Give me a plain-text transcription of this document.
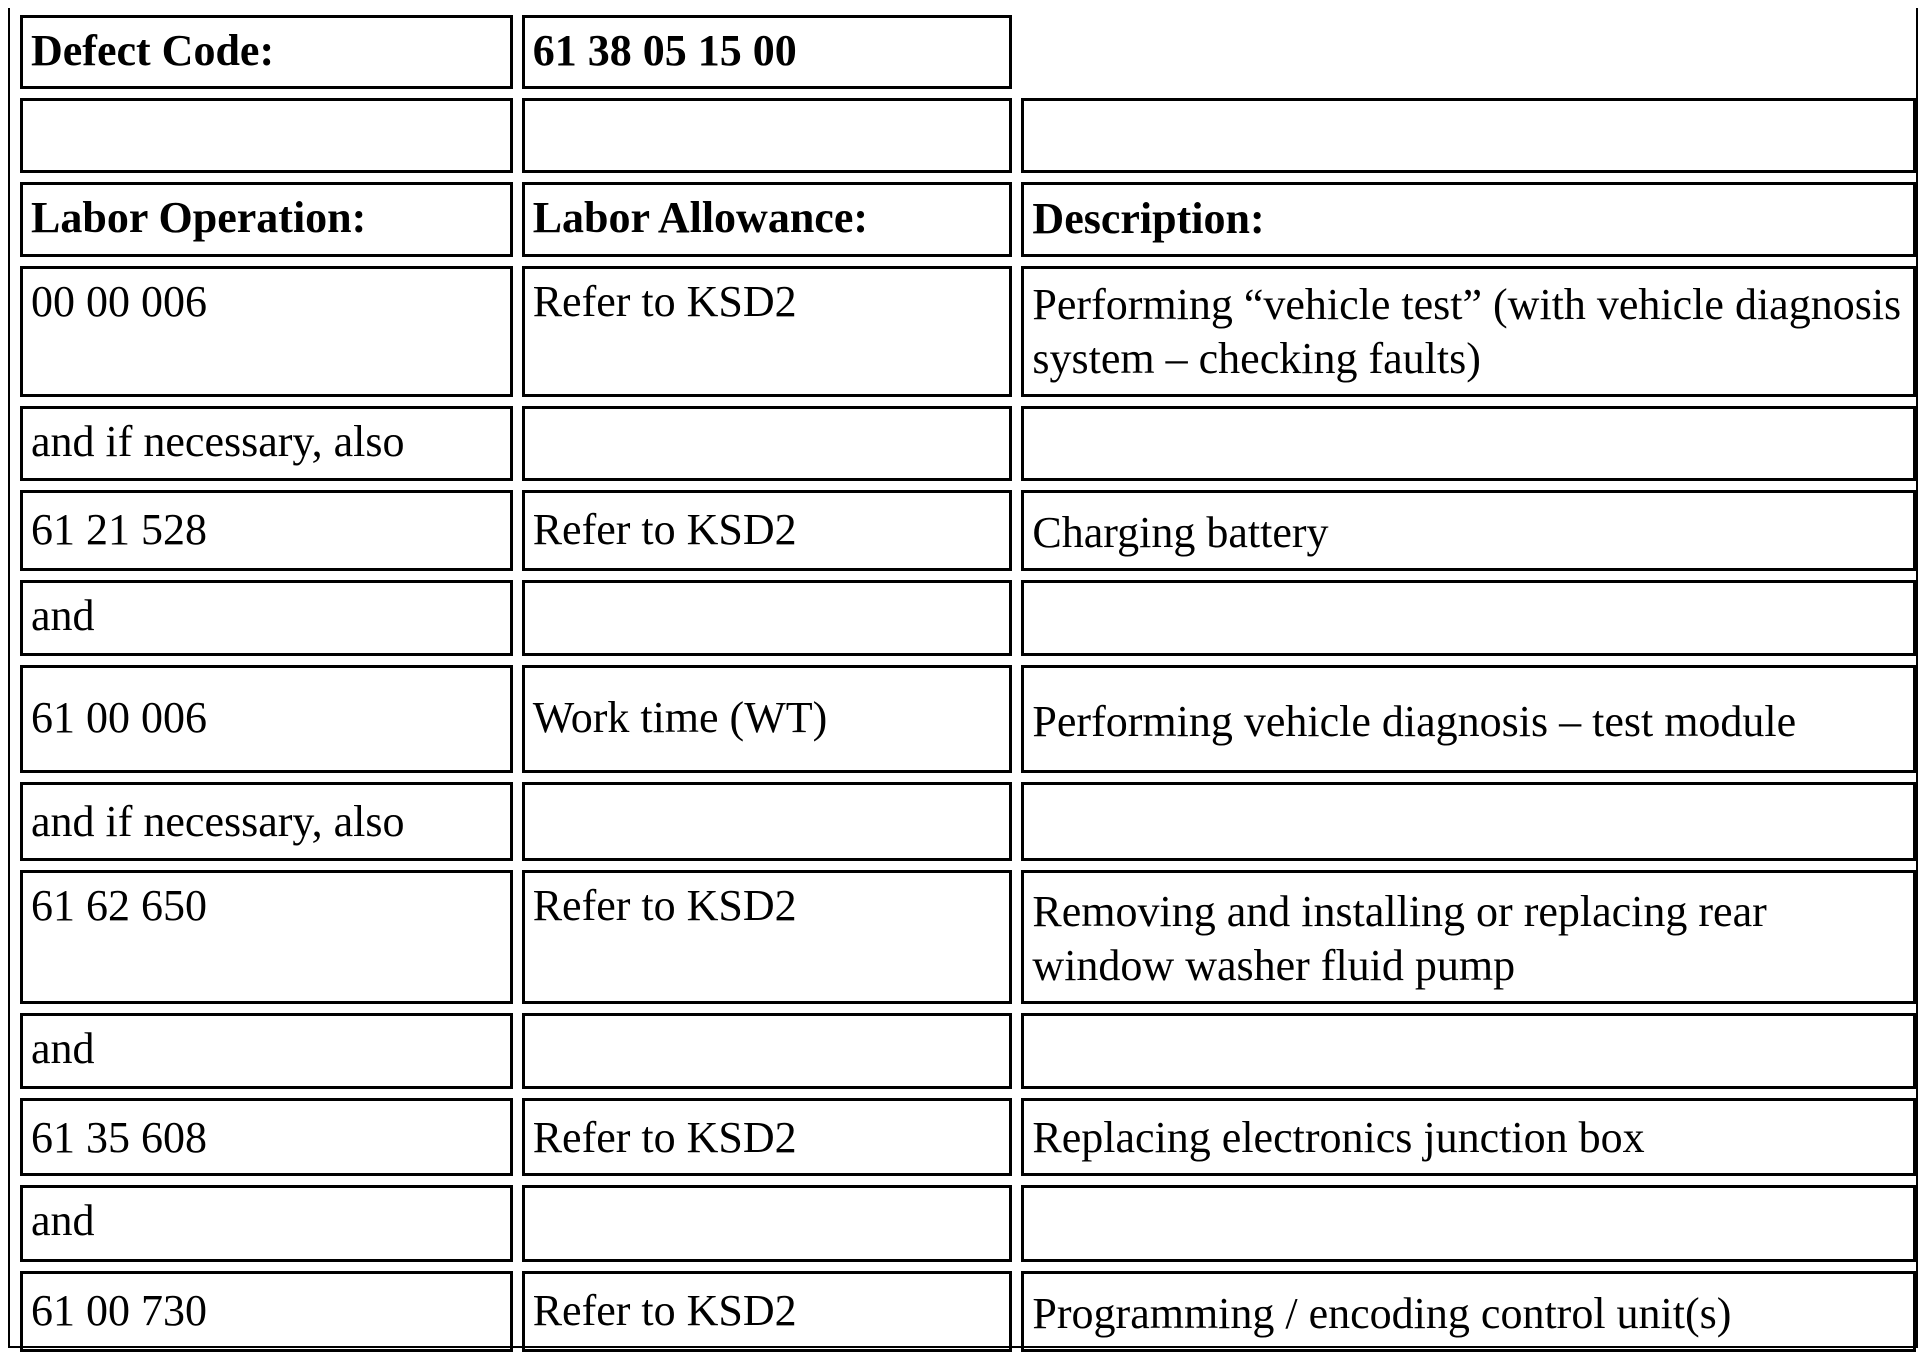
Defect Code:	61 38 05 15 00	

Labor Operation:	Labor Allowance:	Description:
00 00 006	Refer to KSD2	Performing “vehicle test” (with vehicle diagnosis system – checking faults)
and if necessary, also		
61 21 528	Refer to KSD2	Charging battery
and		
61 00 006	Work time (WT)	Performing vehicle diagnosis – test module
and if necessary, also		
61 62 650	Refer to KSD2	Removing and installing or replacing rear window washer fluid pump
and		
61 35 608	Refer to KSD2	Replacing electronics junction box
and		
61 00 730	Refer to KSD2	Programming / encoding control unit(s)
